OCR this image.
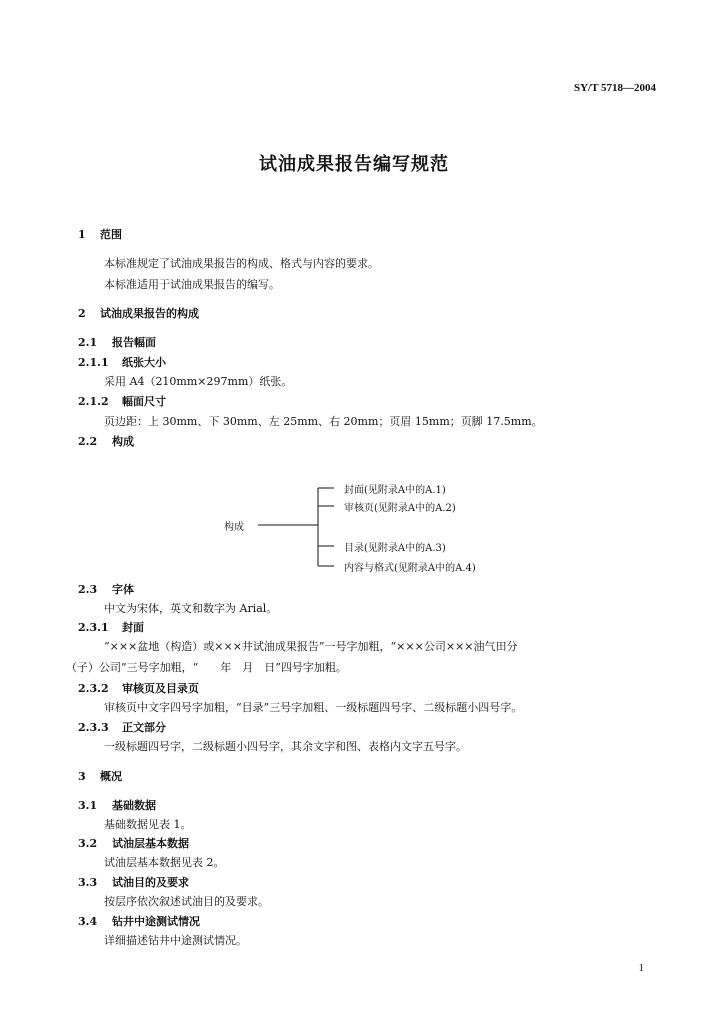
SY/T 5718—2004
试油成果报告编写规范
1 范围
本标准规定了试油成果报告的构成、格式与内容的要求。
本标准适用于试油成果报告的编写。
2 试油成果报告的构成
2.1 报告幅面
2.1.1 纸张大小
采用 A4（210mm×297mm）纸张。
2.1.2 幅面尺寸
页边距：上 30mm、下 30mm、左 25mm、右 20mm；页眉 15mm；页脚 17.5mm。
2.2 构成
构成
封面(见附录A中的A.1)
审核页(见附录A中的A.2)
目录(见附录A中的A.3)
内容与格式(见附录A中的A.4)
2.3 字体
中文为宋体，英文和数字为 Arial。
2.3.1 封面
“×××盆地（构造）或×××井试油成果报告”一号字加粗，“×××公司×××油气田分
（子）公司”三号字加粗，“　　年　月　日”四号字加粗。
2.3.2 审核页及目录页
审核页中文字四号字加粗，“目录”三号字加粗、一级标题四号字、二级标题小四号字。
2.3.3 正文部分
一级标题四号字，二级标题小四号字，其余文字和图、表格内文字五号字。
3 概况
3.1 基础数据
基础数据见表 1。
3.2 试油层基本数据
试油层基本数据见表 2。
3.3 试油目的及要求
按层序依次叙述试油目的及要求。
3.4 钻井中途测试情况
详细描述钻井中途测试情况。
1
